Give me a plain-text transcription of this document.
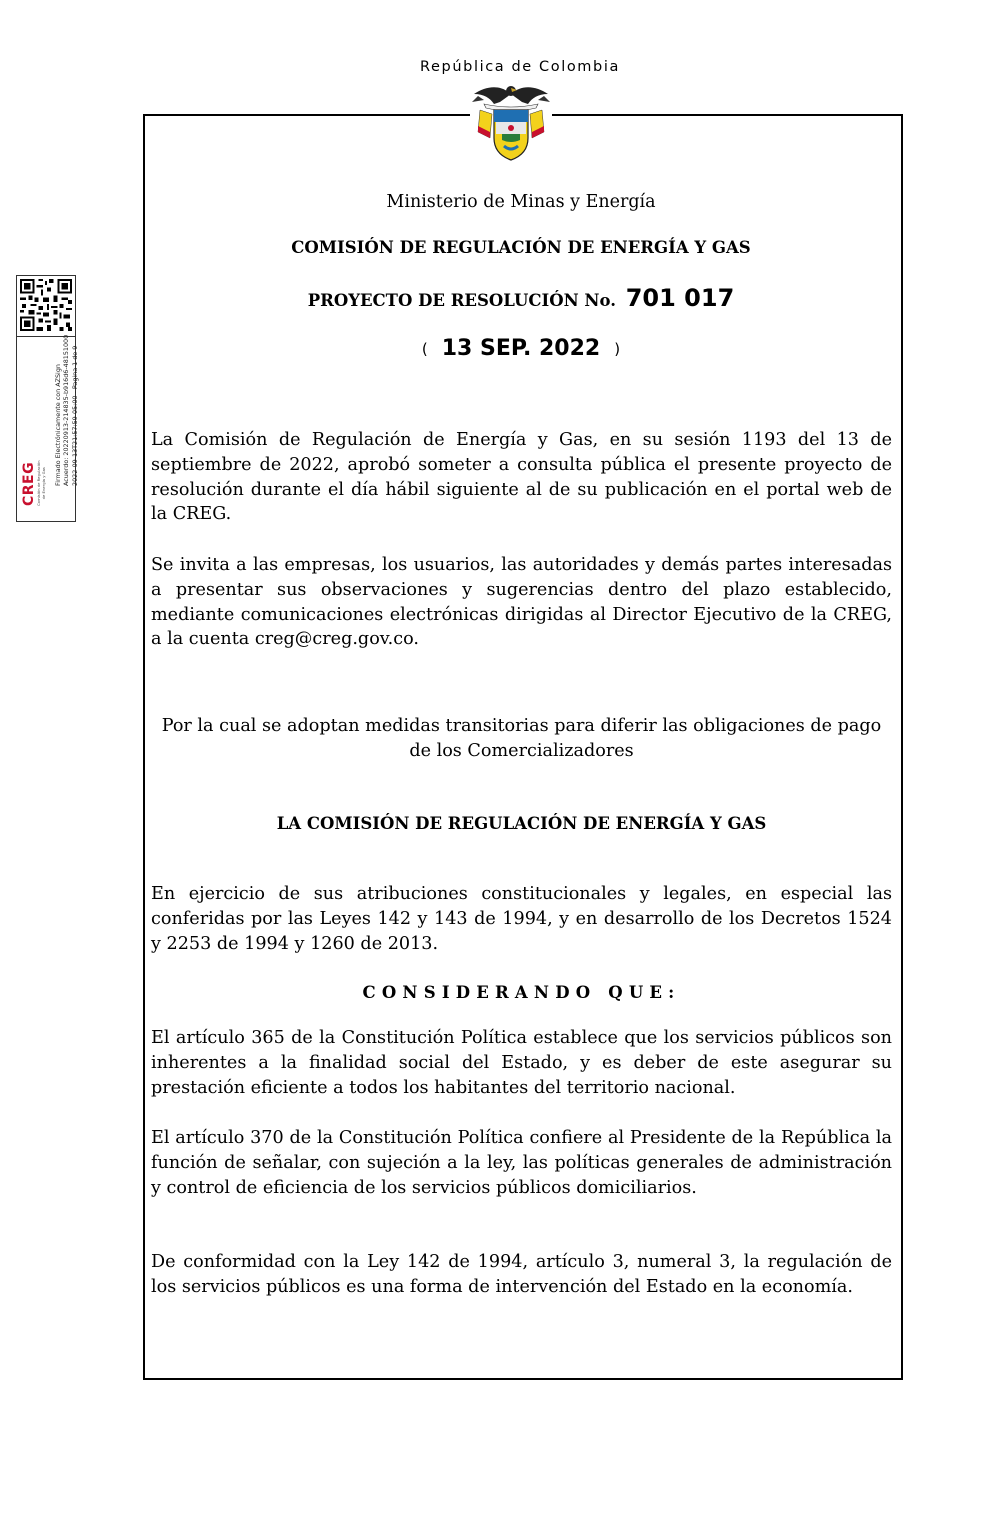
República de Colombia
Ministerio de Minas y Energía
COMISIÓN DE REGULACIÓN DE ENERGÍA Y GAS
PROYECTO DE RESOLUCIÓN No. 701 017
( 13 SEP. 2022 )

La Comisión de Regulación de Energía y Gas, en su sesión 1193 del 13 de septiembre de 2022, aprobó someter a consulta pública el presente proyecto de resolución durante el día hábil siguiente al de su publicación en el portal web de la CREG.

Se invita a las empresas, los usuarios, las autoridades y demás partes interesadas a presentar sus observaciones y sugerencias dentro del plazo establecido, mediante comunicaciones electrónicas dirigidas al Director Ejecutivo de la CREG, a la cuenta creg@creg.gov.co.

Por la cual se adoptan medidas transitorias para diferir las obligaciones de pago de los Comercializadores

LA COMISIÓN DE REGULACIÓN DE ENERGÍA Y GAS

En ejercicio de sus atribuciones constitucionales y legales, en especial las conferidas por las Leyes 142 y 143 de 1994, y en desarrollo de los Decretos 1524 y 2253 de 1994 y 1260 de 2013.

CONSIDERANDO QUE:

El artículo 365 de la Constitución Política establece que los servicios públicos son inherentes a la finalidad social del Estado, y es deber de este asegurar su prestación eficiente a todos los habitantes del territorio nacional.

El artículo 370 de la Constitución Política confiere al Presidente de la República la función de señalar, con sujeción a la ley, las políticas generales de administración y control de eficiencia de los servicios públicos domiciliarios.

De conformidad con la Ley 142 de 1994, artículo 3, numeral 3, la regulación de los servicios públicos es una forma de intervención del Estado en la economía.

CREG Comisión de Regulación de Energía y Gas Firmado Electrónicamente con AZSign Acuerdo: 20220913-214835-b916d6-48151000 2022-09-13T21:57:59-05:00 - Pagina 1 de 9
